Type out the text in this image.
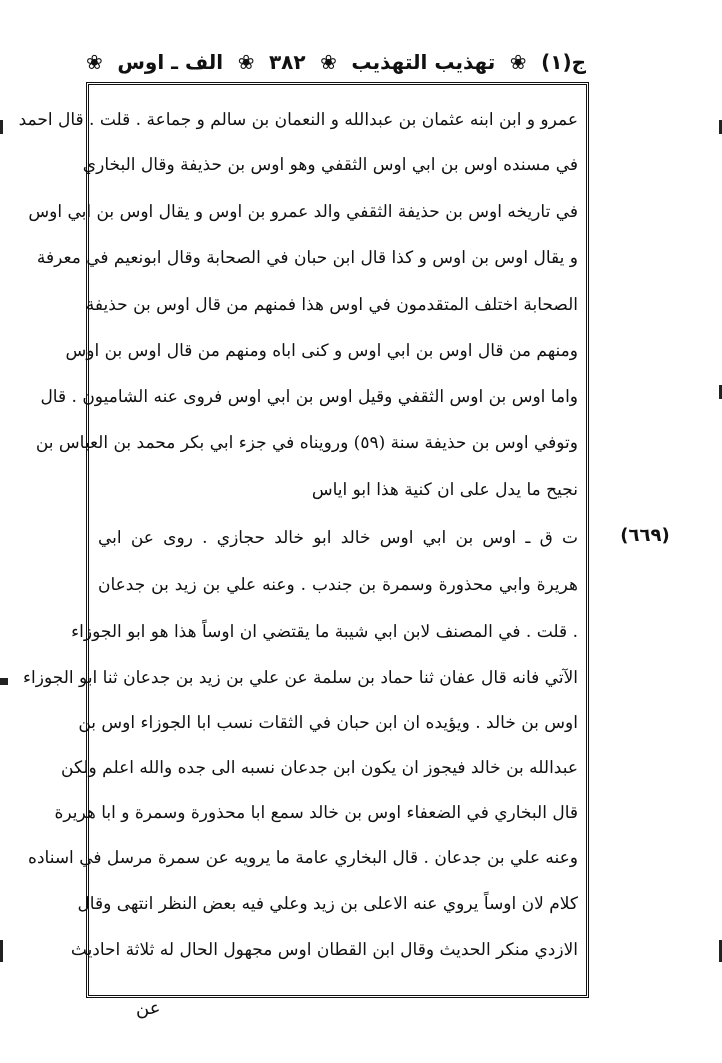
ج(١)
❀
تهذيب التهذيب
❀
٣٨٢
❀
الف ـ اوس
❀
عمرو و ابن ابنه عثمان بن عبدالله و النعمان بن سالم و جماعة . قلت . قال احمد
في مسنده اوس بن ابي اوس الثقفي وهو اوس بن حذيفة وقال البخاري
في تاريخه اوس بن حذيفة الثقفي والد عمرو بن اوس و يقال اوس بن ابي اوس
و يقال اوس بن اوس و كذا قال ابن حبان في الصحابة وقال ابونعيم في معرفة
الصحابة اختلف المتقدمون في اوس هذا فمنهم من قال اوس بن حذيفة
ومنهم من قال اوس بن ابي اوس و كنى اباه ومنهم من قال اوس بن اوس
واما اوس بن اوس الثقفي وقيل اوس بن ابي اوس فروى عنه الشاميون . قال
وتوفي اوس بن حذيفة سنة (٥٩) ورويناه في جزء ابي بكر محمد بن العباس بن
نجيح ما يدل على ان كنية هذا ابو اياس
ت ق ـ اوس بن ابي اوس خالد ابو خالد حجازي . روى عن ابي
هريرة وابي محذورة وسمرة بن جندب . وعنه علي بن زيد بن جدعان
. قلت . في المصنف لابن ابي شيبة ما يقتضي ان اوساً هذا هو ابو الجوزاء
الآتي فانه قال عفان ثنا حماد بن سلمة عن علي بن زيد بن جدعان ثنا ابو الجوزاء
اوس بن خالد . ويؤيده ان ابن حبان في الثقات نسب ابا الجوزاء اوس بن
عبدالله بن خالد فيجوز ان يكون ابن جدعان نسبه الى جده والله اعلم ولكن
قال البخاري في الضعفاء اوس بن خالد سمع ابا محذورة وسمرة و ابا هريرة
وعنه علي بن جدعان . قال البخاري عامة ما يرويه عن سمرة مرسل في اسناده
كلام لان اوساً يروي عنه الاعلى بن زيد وعلي فيه بعض النظر انتهى وقال
الازدي منكر الحديث وقال ابن القطان اوس مجهول الحال له ثلاثة احاديث
(٦٦٩)
عن
